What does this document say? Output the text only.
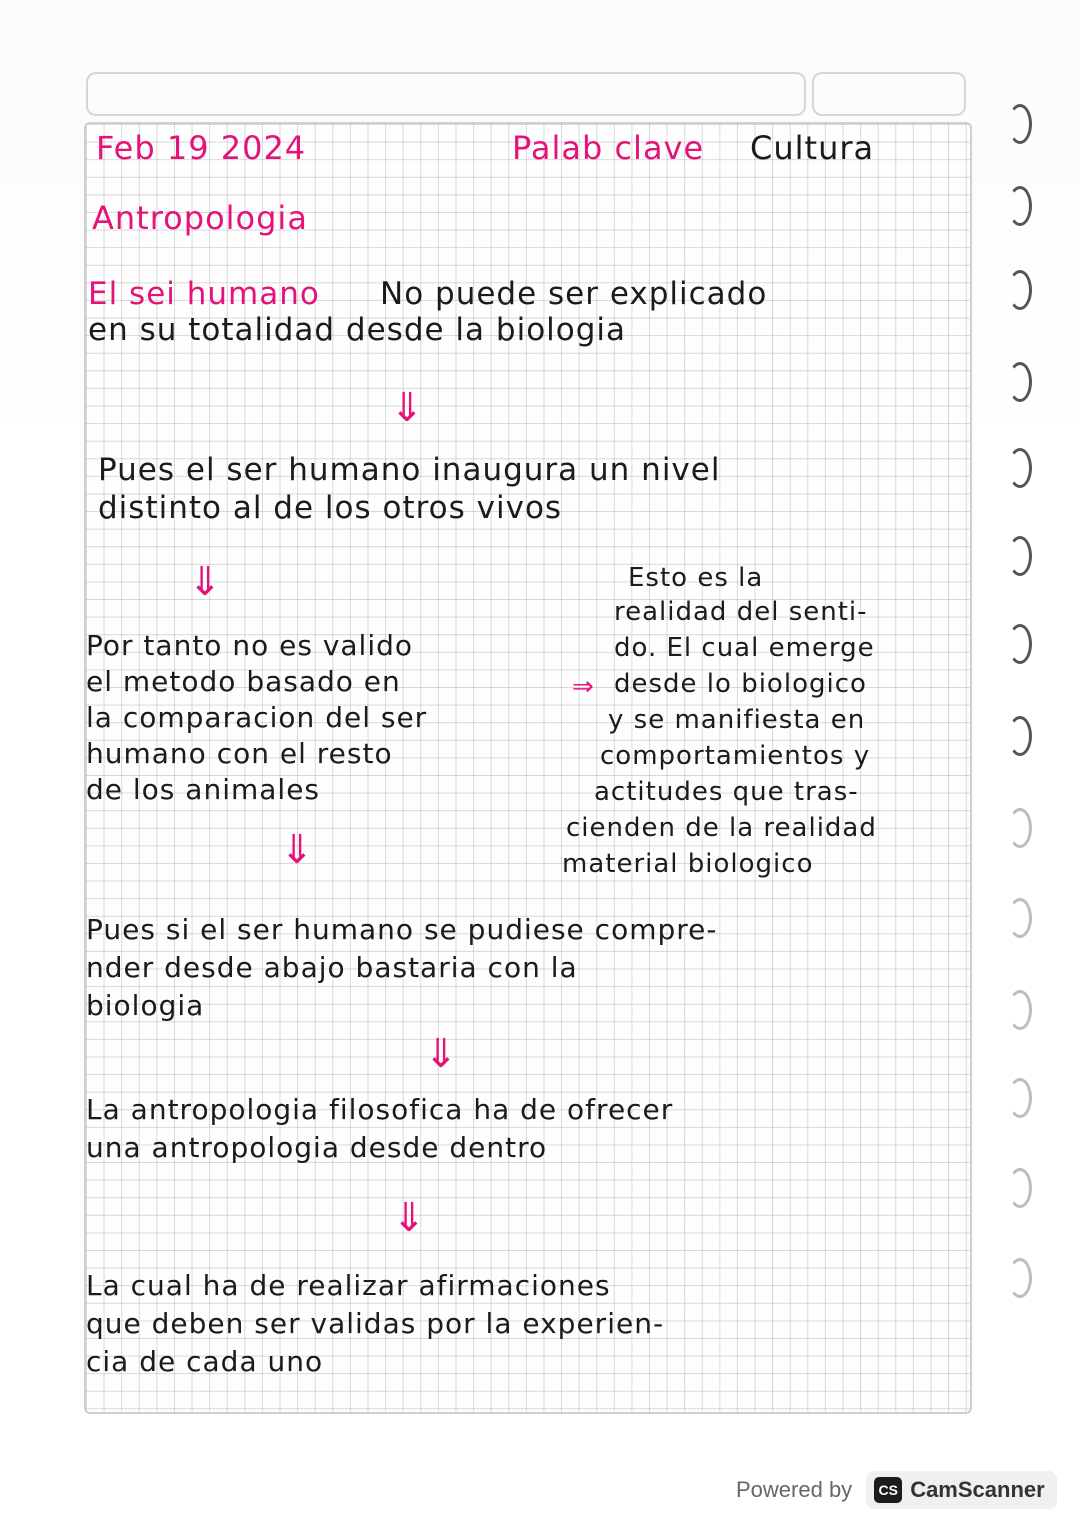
Feb 19 2024	Palab clave Cultura

Antropologia

El sei humano No puede ser explicado

en su totalidad desde la biologia

⇓

Pues el ser humano inaugura un nivel

distinto al de los otros vivos

⇓

Por tanto no es valido

el metodo basado en

la comparacion del ser

humano con el resto

de los animales

⇒

Esto es la

realidad del senti-

do. El cual emerge

desde lo biologico

y se manifiesta en

comportamientos y

actitudes que tras-

cienden de la realidad

material biologico

⇓

Pues si el ser humano se pudiese compre-

nder desde abajo bastaria con la

biologia

⇓

La antropologia filosofica ha de ofrecer

una antropologia desde dentro

⇓

La cual ha de realizar afirmaciones

que deben ser validas por la experien-

cia de cada uno

Powered by	CS CamScanner
